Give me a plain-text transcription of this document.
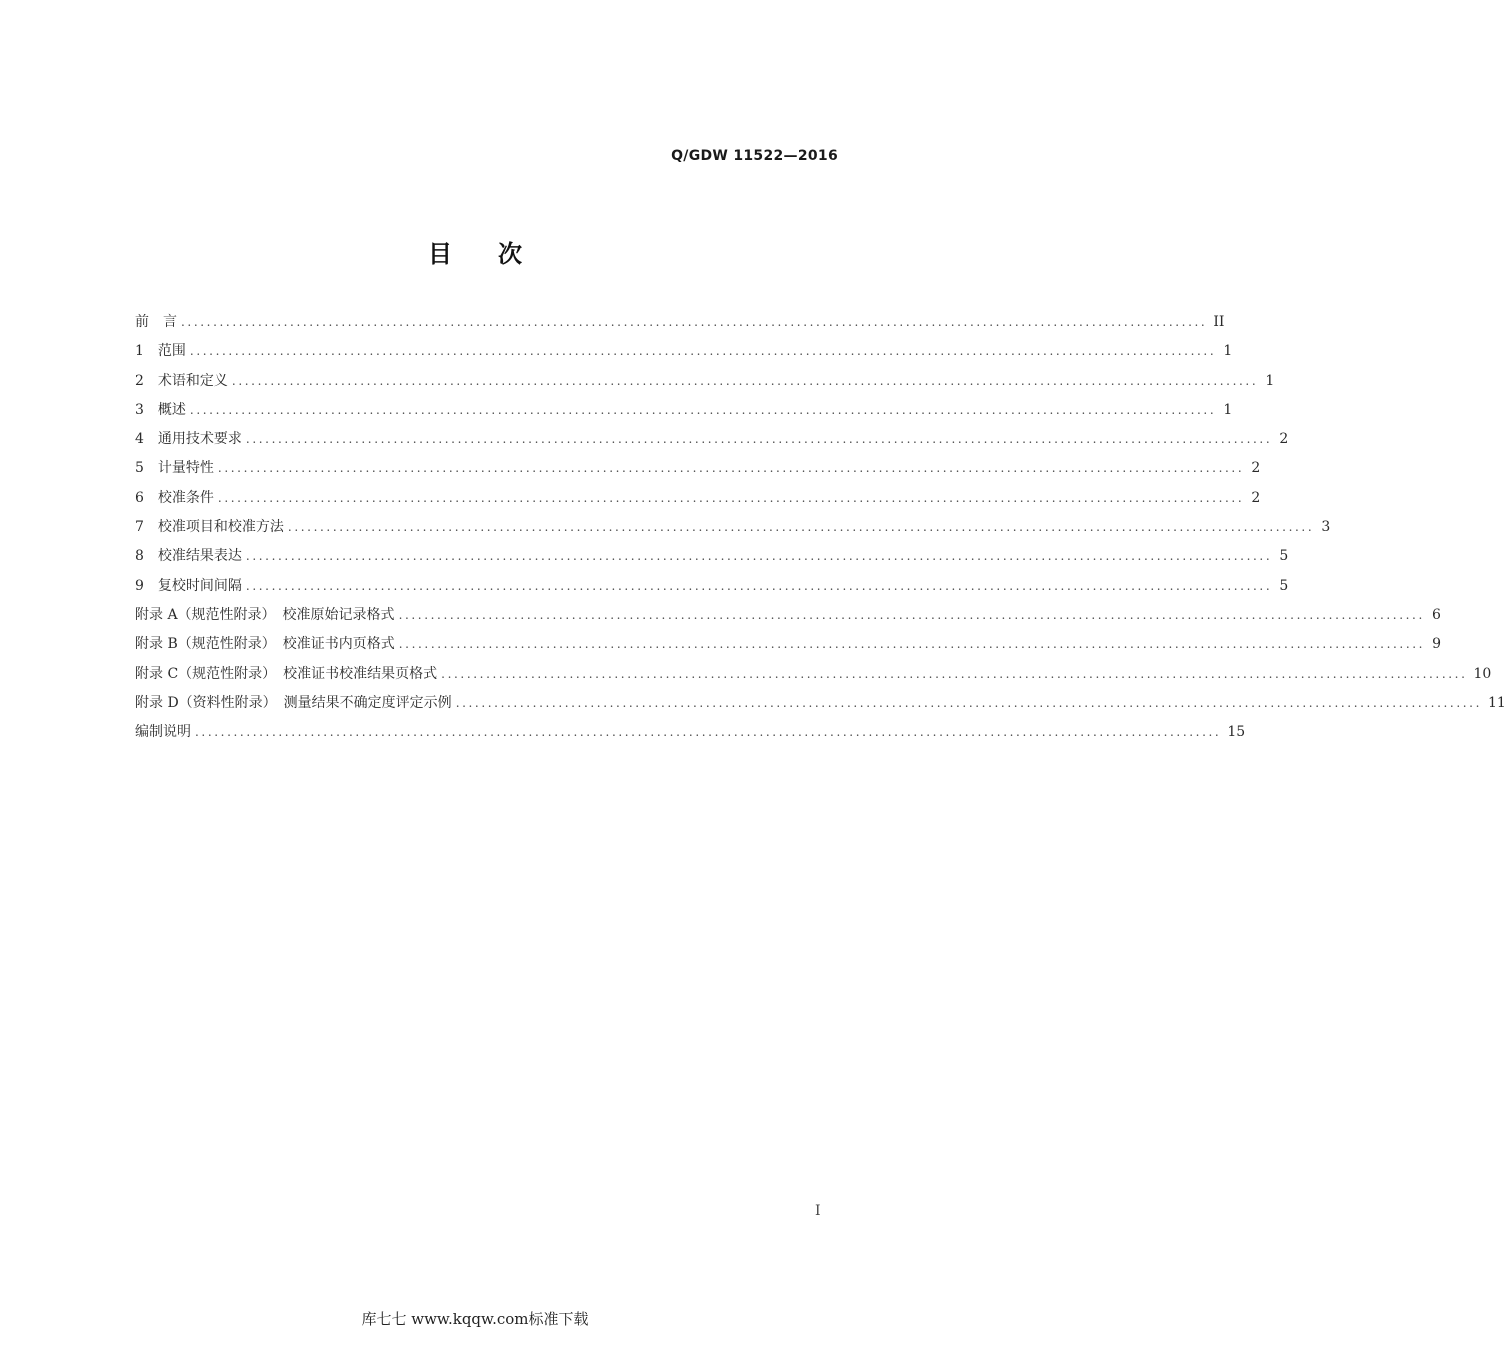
Q/GDW 11522—2016
目次
前　言 ................................................................................................................................................................ II
1　范围 ................................................................................................................................................................ 1
2　术语和定义 ................................................................................................................................................................ 1
3　概述 ................................................................................................................................................................ 1
4　通用技术要求 ................................................................................................................................................................ 2
5　计量特性 ................................................................................................................................................................ 2
6　校准条件 ................................................................................................................................................................ 2
7　校准项目和校准方法 ................................................................................................................................................................ 3
8　校准结果表达 ................................................................................................................................................................ 5
9　复校时间间隔 ................................................................................................................................................................ 5
附录 A（规范性附录）　校准原始记录格式 ................................................................................................................................................................ 6
附录 B（规范性附录）　校准证书内页格式 ................................................................................................................................................................ 9
附录 C（规范性附录）　校准证书校准结果页格式 ................................................................................................................................................................ 10
附录 D（资料性附录）　测量结果不确定度评定示例 ................................................................................................................................................................ 11
编制说明 ................................................................................................................................................................ 15
I
库七七 www.kqqw.com标准下载
